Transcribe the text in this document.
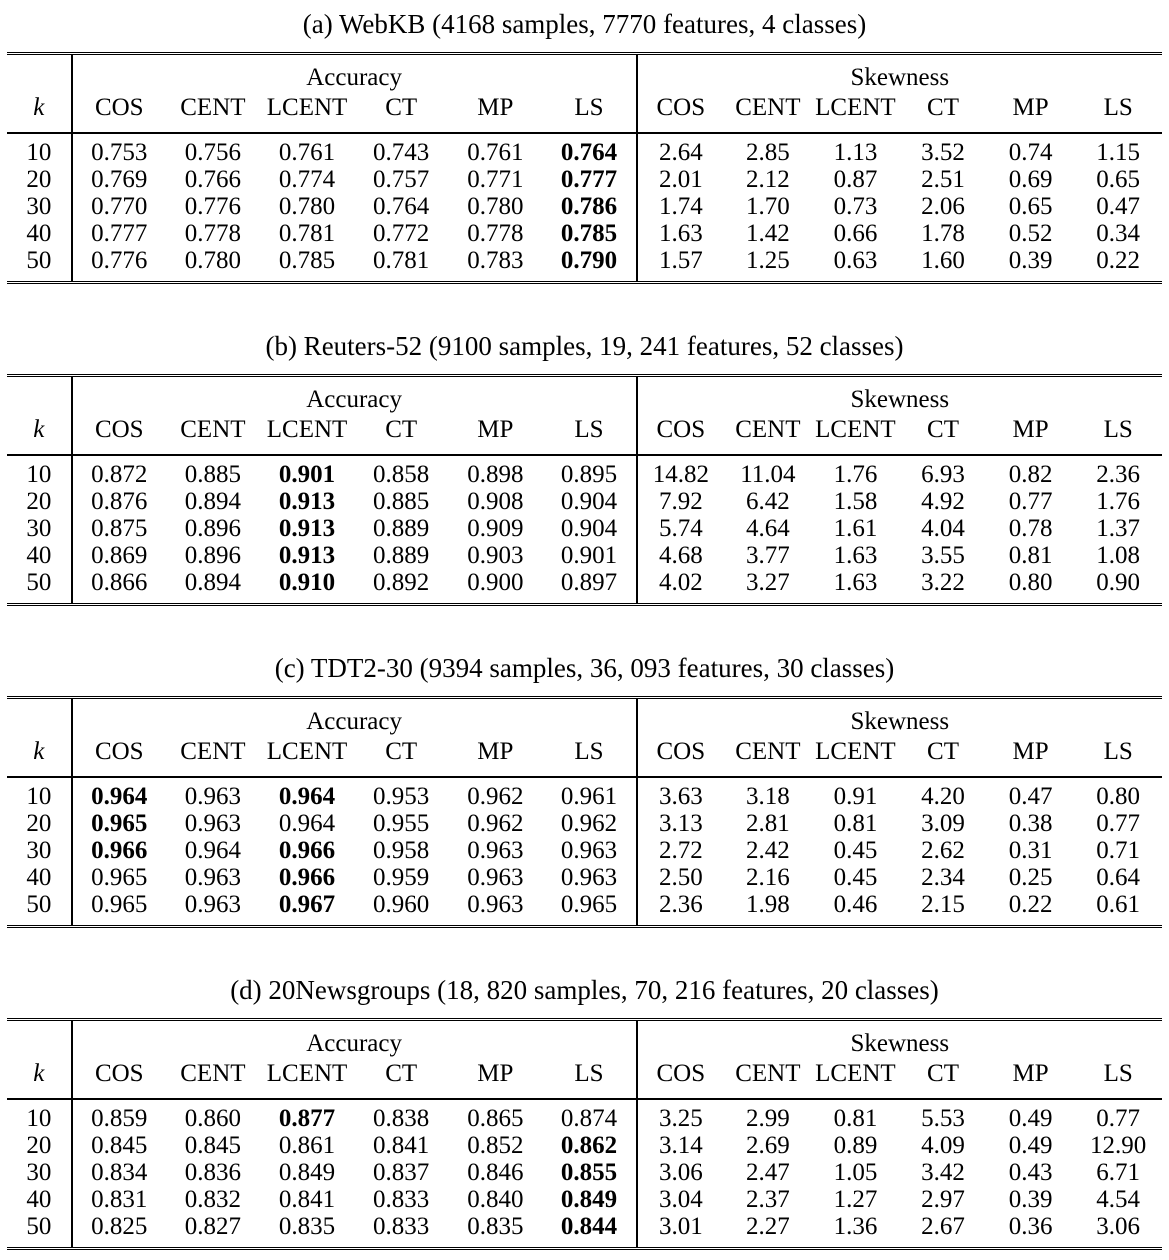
(a) WebKB (4168 samples, 7770 features, 4 classes)
	Accuracy						Skewness					
k	COS	CENT	LCENT	CT	MP	LS	COS	CENT	LCENT	CT	MP	LS
10	0.753	0.756	0.761	0.743	0.761	0.764	2.64	2.85	1.13	3.52	0.74	1.15
20	0.769	0.766	0.774	0.757	0.771	0.777	2.01	2.12	0.87	2.51	0.69	0.65
30	0.770	0.776	0.780	0.764	0.780	0.786	1.74	1.70	0.73	2.06	0.65	0.47
40	0.777	0.778	0.781	0.772	0.778	0.785	1.63	1.42	0.66	1.78	0.52	0.34
50	0.776	0.780	0.785	0.781	0.783	0.790	1.57	1.25	0.63	1.60	0.39	0.22
(b) Reuters-52 (9100 samples, 19, 241 features, 52 classes)
	Accuracy						Skewness					
k	COS	CENT	LCENT	CT	MP	LS	COS	CENT	LCENT	CT	MP	LS
10	0.872	0.885	0.901	0.858	0.898	0.895	14.82	11.04	1.76	6.93	0.82	2.36
20	0.876	0.894	0.913	0.885	0.908	0.904	7.92	6.42	1.58	4.92	0.77	1.76
30	0.875	0.896	0.913	0.889	0.909	0.904	5.74	4.64	1.61	4.04	0.78	1.37
40	0.869	0.896	0.913	0.889	0.903	0.901	4.68	3.77	1.63	3.55	0.81	1.08
50	0.866	0.894	0.910	0.892	0.900	0.897	4.02	3.27	1.63	3.22	0.80	0.90
(c) TDT2-30 (9394 samples, 36, 093 features, 30 classes)
	Accuracy						Skewness					
k	COS	CENT	LCENT	CT	MP	LS	COS	CENT	LCENT	CT	MP	LS
10	0.964	0.963	0.964	0.953	0.962	0.961	3.63	3.18	0.91	4.20	0.47	0.80
20	0.965	0.963	0.964	0.955	0.962	0.962	3.13	2.81	0.81	3.09	0.38	0.77
30	0.966	0.964	0.966	0.958	0.963	0.963	2.72	2.42	0.45	2.62	0.31	0.71
40	0.965	0.963	0.966	0.959	0.963	0.963	2.50	2.16	0.45	2.34	0.25	0.64
50	0.965	0.963	0.967	0.960	0.963	0.965	2.36	1.98	0.46	2.15	0.22	0.61
(d) 20Newsgroups (18, 820 samples, 70, 216 features, 20 classes)
	Accuracy						Skewness					
k	COS	CENT	LCENT	CT	MP	LS	COS	CENT	LCENT	CT	MP	LS
10	0.859	0.860	0.877	0.838	0.865	0.874	3.25	2.99	0.81	5.53	0.49	0.77
20	0.845	0.845	0.861	0.841	0.852	0.862	3.14	2.69	0.89	4.09	0.49	12.90
30	0.834	0.836	0.849	0.837	0.846	0.855	3.06	2.47	1.05	3.42	0.43	6.71
40	0.831	0.832	0.841	0.833	0.840	0.849	3.04	2.37	1.27	2.97	0.39	4.54
50	0.825	0.827	0.835	0.833	0.835	0.844	3.01	2.27	1.36	2.67	0.36	3.06
